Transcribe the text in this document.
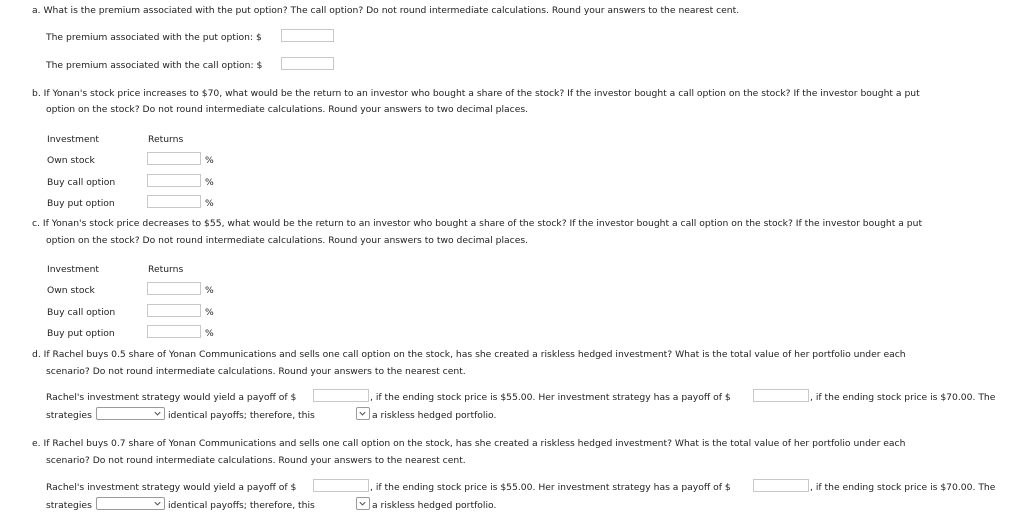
a. What is the premium associated with the put option? The call option? Do not round intermediate calculations. Round your answers to the nearest cent.
The premium associated with the put option: $
The premium associated with the call option: $
b. If Yonan's stock price increases to $70, what would be the return to an investor who bought a share of the stock? If the investor bought a call option on the stock? If the investor bought a put
option on the stock? Do not round intermediate calculations. Round your answers to two decimal places.
Investment	Returns
Own stock	%
Buy call option	%
Buy put option	%
c. If Yonan's stock price decreases to $55, what would be the return to an investor who bought a share of the stock? If the investor bought a call option on the stock? If the investor bought a put
option on the stock? Do not round intermediate calculations. Round your answers to two decimal places.
Investment	Returns
Own stock	%
Buy call option	%
Buy put option	%
d. If Rachel buys 0.5 share of Yonan Communications and sells one call option on the stock, has she created a riskless hedged investment? What is the total value of her portfolio under each
scenario? Do not round intermediate calculations. Round your answers to the nearest cent.
Rachel's investment strategy would yield a payoff of $	, if the ending stock price is $55.00. Her investment strategy has a payoff of $	, if the ending stock price is $70.00. The
strategies	identical payoffs; therefore, this	a riskless hedged portfolio.
e. If Rachel buys 0.7 share of Yonan Communications and sells one call option on the stock, has she created a riskless hedged investment? What is the total value of her portfolio under each
scenario? Do not round intermediate calculations. Round your answers to the nearest cent.
Rachel's investment strategy would yield a payoff of $	, if the ending stock price is $55.00. Her investment strategy has a payoff of $	, if the ending stock price is $70.00. The
strategies	identical payoffs; therefore, this	a riskless hedged portfolio.
